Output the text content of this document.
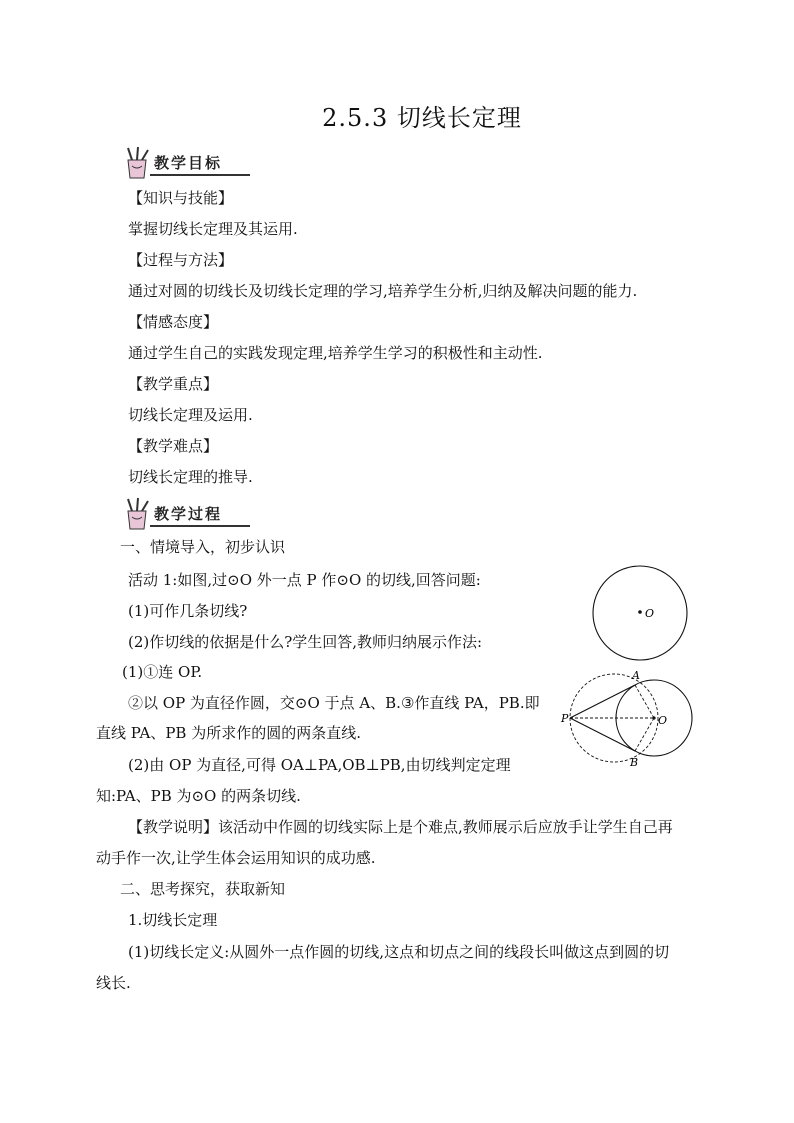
2.5.3 切线长定理
教学目标
【知识与技能】
掌握切线长定理及其运用.
【过程与方法】
通过对圆的切线长及切线长定理的学习,培养学生分析,归纳及解决问题的能力.
【情感态度】
通过学生自己的实践发现定理,培养学生学习的积极性和主动性.
【教学重点】
切线长定理及运用.
【教学难点】
切线长定理的推导.
教学过程
一、情境导入，初步认识
活动 1:如图,过⊙O 外一点 P 作⊙O 的切线,回答问题:
(1)可作几条切线?
(2)作切线的依据是什么?学生回答,教师归纳展示作法:
(1)①连 OP.
②以 OP 为直径作圆，交⊙O 于点 A、B.③作直线 PA，PB.即
直线 PA、PB 为所求作的圆的两条直线.
(2)由 OP 为直径,可得 OA⊥PA,OB⊥PB,由切线判定定理
知:PA、PB 为⊙O 的两条切线.
【教学说明】该活动中作圆的切线实际上是个难点,教师展示后应放手让学生自己再
动手作一次,让学生体会运用知识的成功感.
二、思考探究，获取新知
1.切线长定理
(1)切线长定义:从圆外一点作圆的切线,这点和切点之间的线段长叫做这点到圆的切
线长.
O
A
B
P	O
